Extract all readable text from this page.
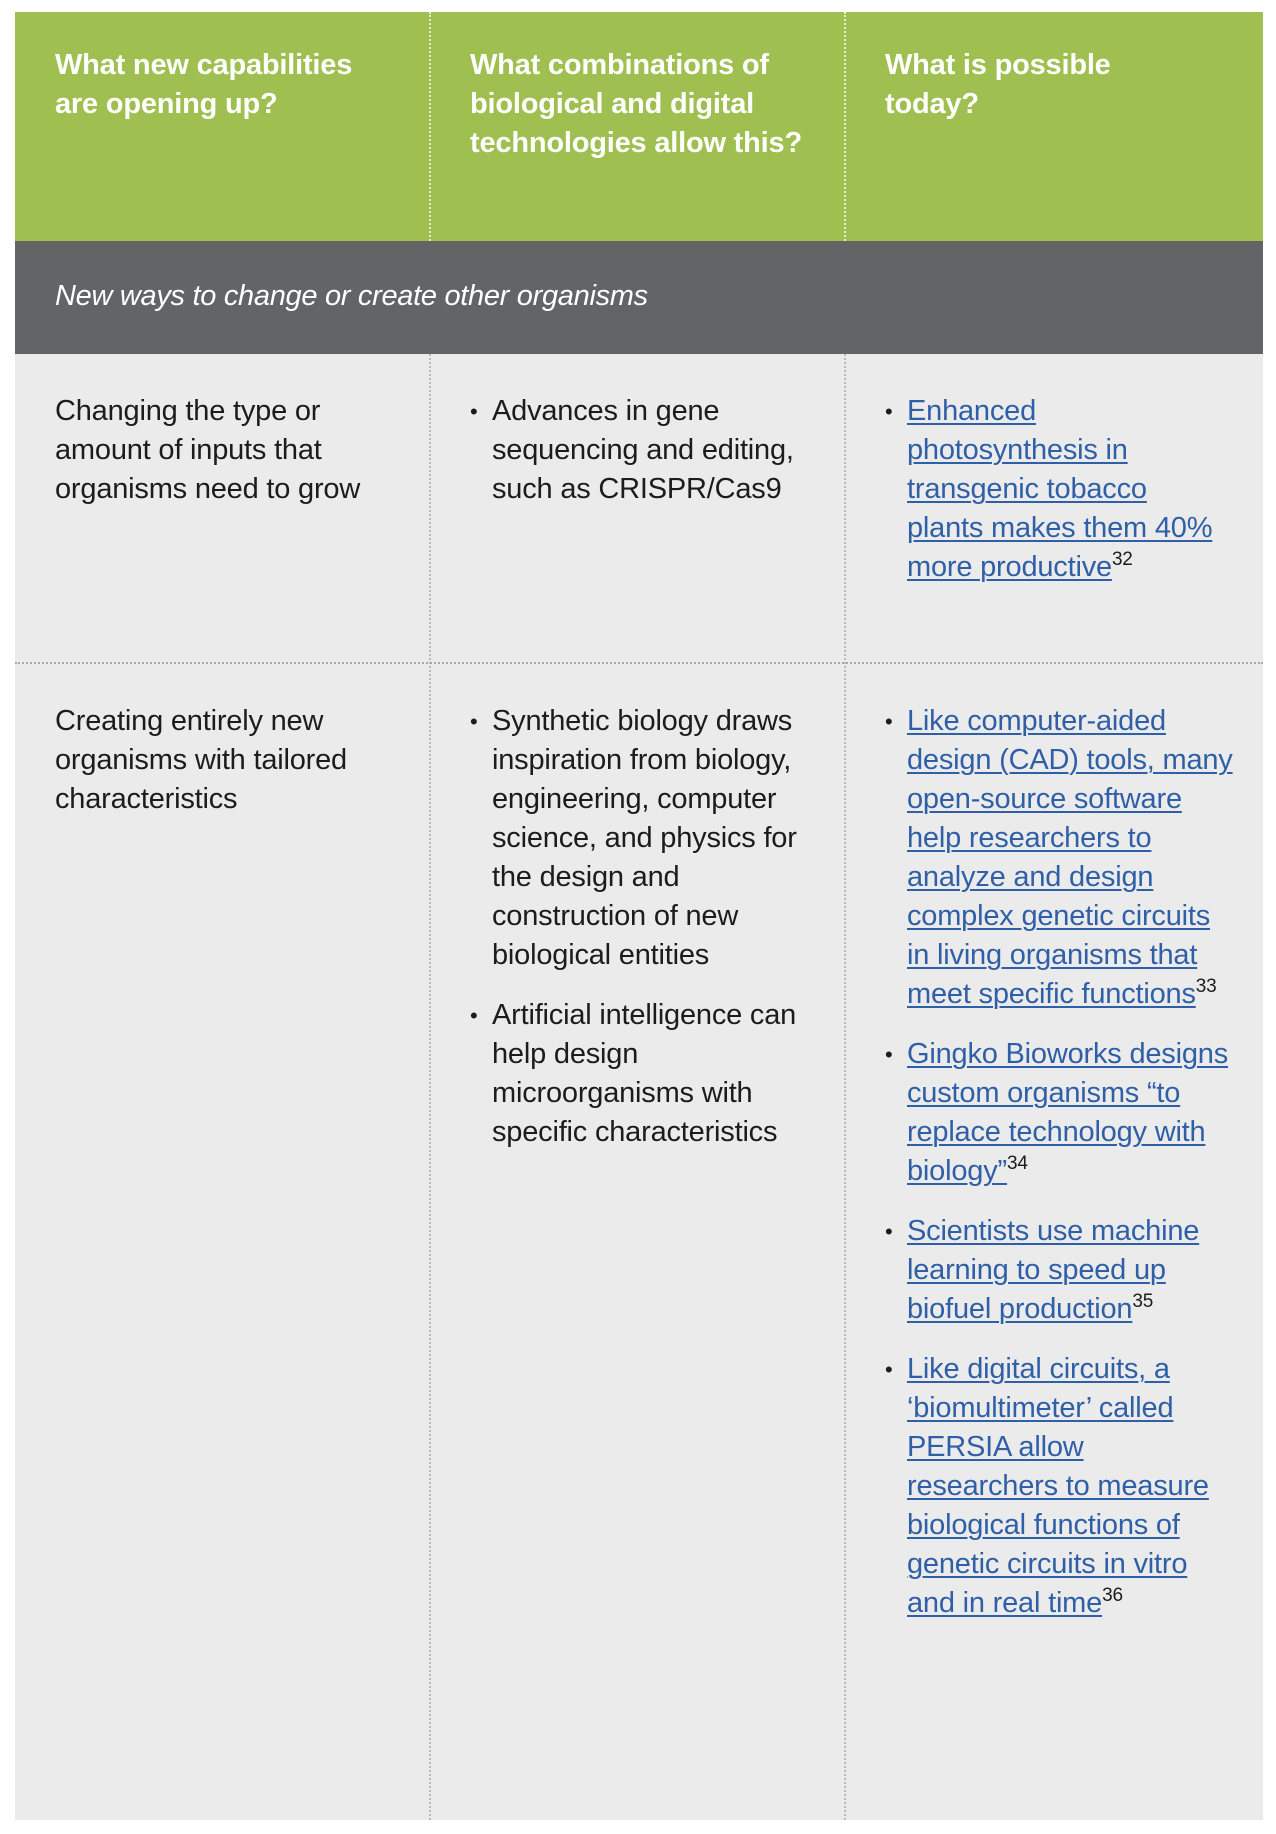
What new capabilities are opening up?
What combinations of biological and digital technologies allow this?
What is possible today?
New ways to change or create other organisms
Changing the type or amount of inputs that organisms need to grow
• Advances in gene sequencing and editing, such as CRISPR/Cas9
• Enhanced photosynthesis in transgenic tobacco plants makes them 40% more productive$^{32}$
Creating entirely new organisms with tailored characteristics
• Synthetic biology draws inspiration from biology, engineering, computer science, and physics for the design and construction of new biological entities
• Artificial intelligence can help design microorganisms with specific characteristics
• Like computer-aided design (CAD) tools, many open-source software help researchers to analyze and design complex genetic circuits in living organisms that meet specific functions$^{33}$
• Gingko Bioworks designs custom organisms “to replace technology with biology”$^{34}$
• Scientists use machine learning to speed up biofuel production$^{35}$
• Like digital circuits, a ‘biomultimeter’ called PERSIA allow researchers to measure biological functions of genetic circuits in vitro and in real time$^{36}$
